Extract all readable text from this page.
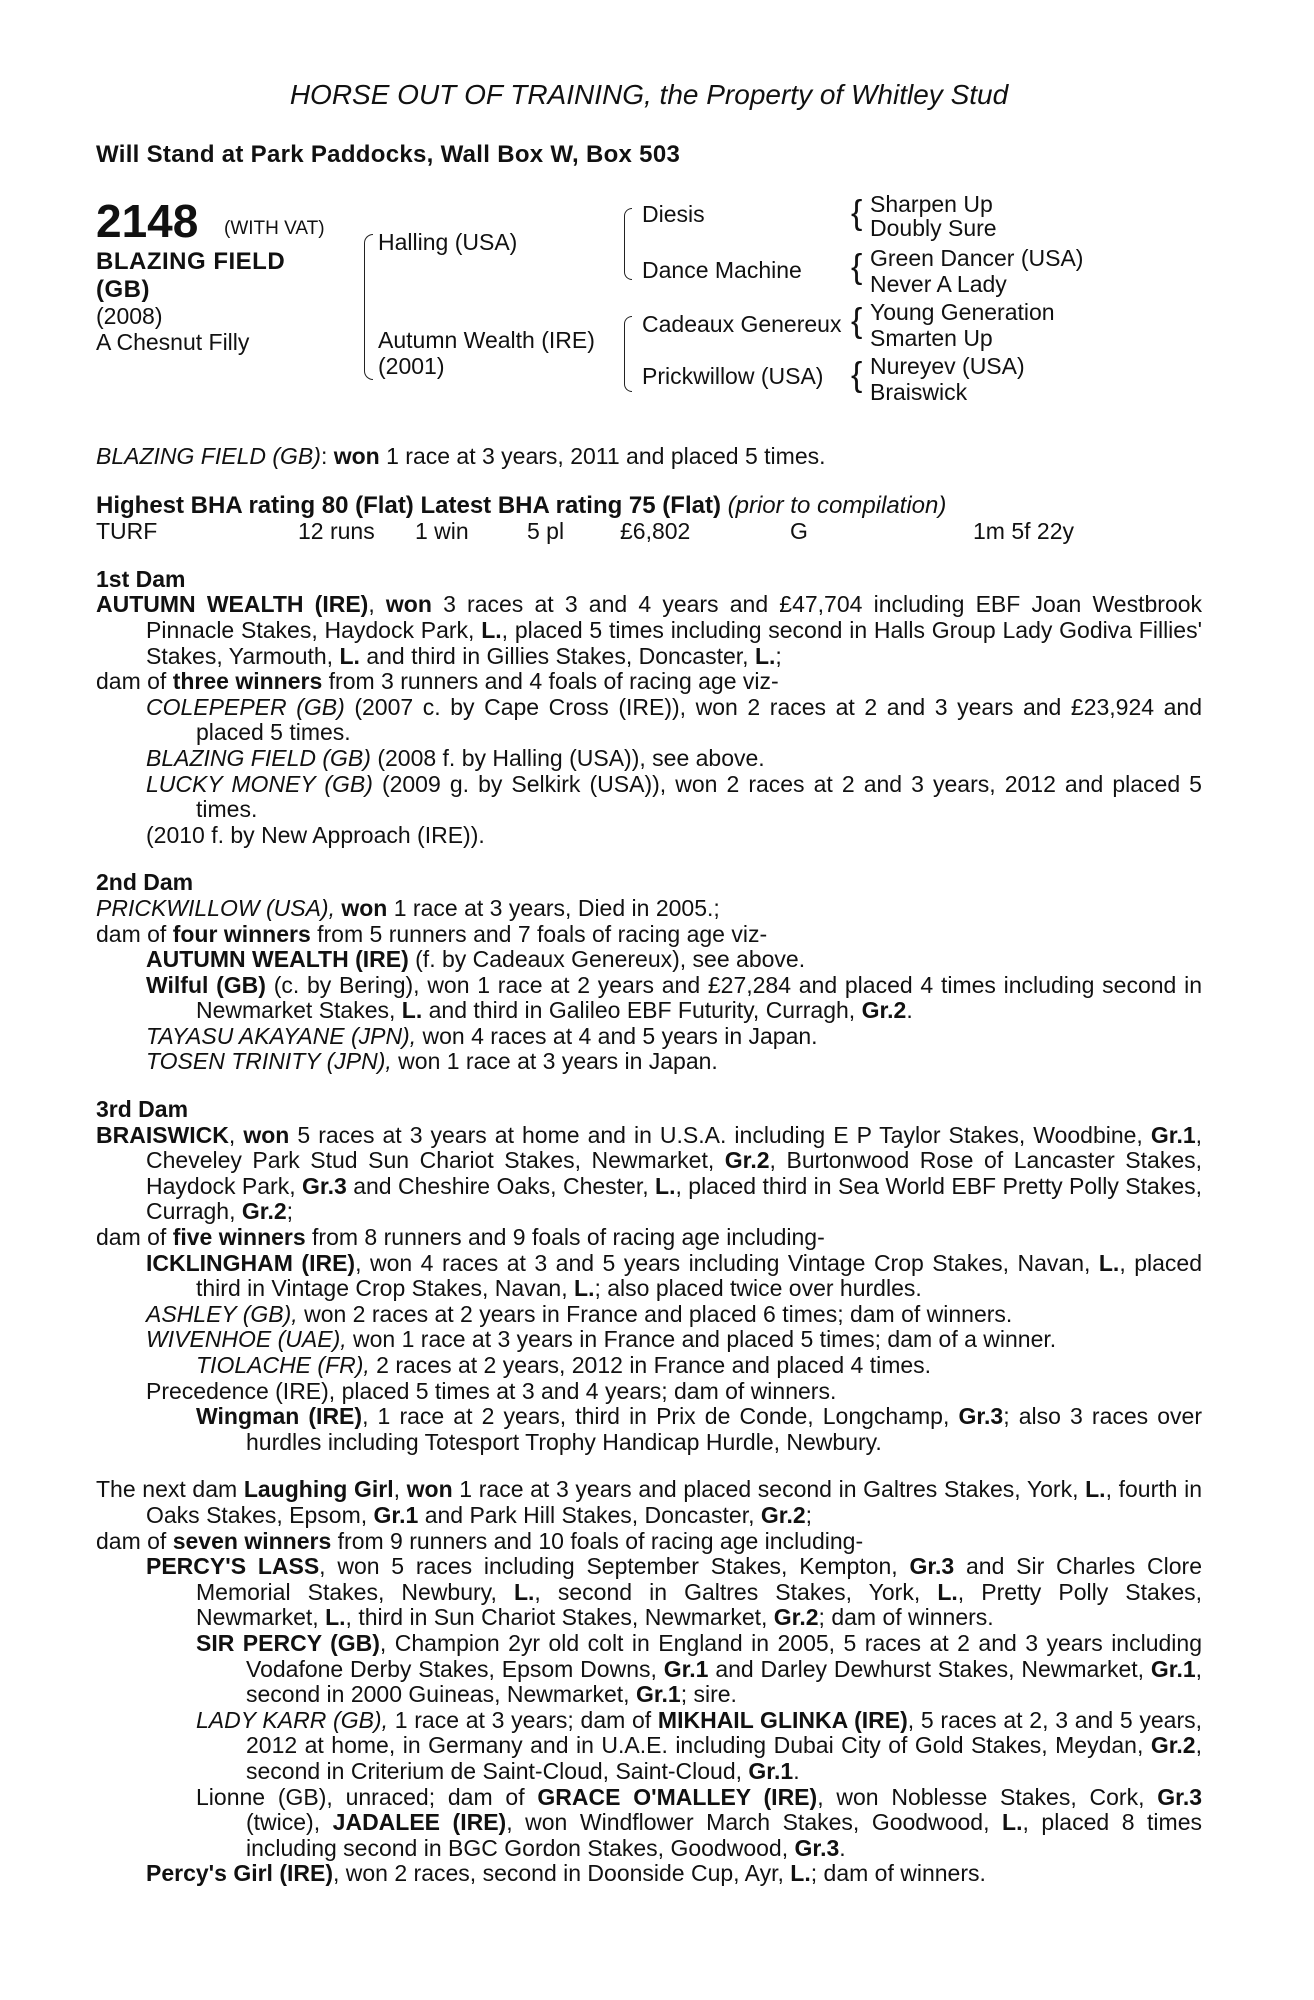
HORSE OUT OF TRAINING, the Property of Whitley Stud
Will Stand at Park Paddocks, Wall Box W, Box 503
2148 (WITH VAT)
BLAZING FIELD (GB)
(2008)
A Chesnut Filly
Halling (USA)
Autumn Wealth (IRE)
(2001)
Diesis
Dance Machine
Cadeaux Genereux
Prickwillow (USA)
{ Sharpen Up
Doubly Sure
{ Green Dancer (USA)
Never A Lady
{ Young Generation
Smarten Up
{ Nureyev (USA)
Braiswick

BLAZING FIELD (GB): won 1 race at 3 years, 2011 and placed 5 times.

Highest BHA rating 80 (Flat) Latest BHA rating 75 (Flat) (prior to compilation)

TURF	12 runs 1 win	5 pl £6,802	G	1m 5f 22y
1st Dam

AUTUMN WEALTH (IRE), won 3 races at 3 and 4 years and £47,704 including EBF Joan Westbrook Pinnacle Stakes, Haydock Park, L., placed 5 times including second in Halls Group Lady Godiva Fillies' Stakes, Yarmouth, L. and third in Gillies Stakes, Doncaster, L.;

dam of three winners from 3 runners and 4 foals of racing age viz-

COLEPEPER (GB) (2007 c. by Cape Cross (IRE)), won 2 races at 2 and 3 years and £23,924 and placed 5 times.

BLAZING FIELD (GB) (2008 f. by Halling (USA)), see above.

LUCKY MONEY (GB) (2009 g. by Selkirk (USA)), won 2 races at 2 and 3 years, 2012 and placed 5 times.

(2010 f. by New Approach (IRE)).

2nd Dam

PRICKWILLOW (USA), won 1 race at 3 years, Died in 2005.;

dam of four winners from 5 runners and 7 foals of racing age viz-

AUTUMN WEALTH (IRE) (f. by Cadeaux Genereux), see above.

Wilful (GB) (c. by Bering), won 1 race at 2 years and £27,284 and placed 4 times including second in Newmarket Stakes, L. and third in Galileo EBF Futurity, Curragh, Gr.2.

TAYASU AKAYANE (JPN), won 4 races at 4 and 5 years in Japan.

TOSEN TRINITY (JPN), won 1 race at 3 years in Japan.

3rd Dam

BRAISWICK, won 5 races at 3 years at home and in U.S.A. including E P Taylor Stakes, Woodbine, Gr.1, Cheveley Park Stud Sun Chariot Stakes, Newmarket, Gr.2, Burtonwood Rose of Lancaster Stakes, Haydock Park, Gr.3 and Cheshire Oaks, Chester, L., placed third in Sea World EBF Pretty Polly Stakes, Curragh, Gr.2;

dam of five winners from 8 runners and 9 foals of racing age including-

ICKLINGHAM (IRE), won 4 races at 3 and 5 years including Vintage Crop Stakes, Navan, L., placed third in Vintage Crop Stakes, Navan, L.; also placed twice over hurdles.

ASHLEY (GB), won 2 races at 2 years in France and placed 6 times; dam of winners.

WIVENHOE (UAE), won 1 race at 3 years in France and placed 5 times; dam of a winner.

TIOLACHE (FR), 2 races at 2 years, 2012 in France and placed 4 times.

Precedence (IRE), placed 5 times at 3 and 4 years; dam of winners.

Wingman (IRE), 1 race at 2 years, third in Prix de Conde, Longchamp, Gr.3; also 3 races over hurdles including Totesport Trophy Handicap Hurdle, Newbury.

The next dam Laughing Girl, won 1 race at 3 years and placed second in Galtres Stakes, York, L., fourth in Oaks Stakes, Epsom, Gr.1 and Park Hill Stakes, Doncaster, Gr.2;

dam of seven winners from 9 runners and 10 foals of racing age including-

PERCY'S LASS, won 5 races including September Stakes, Kempton, Gr.3 and Sir Charles Clore Memorial Stakes, Newbury, L., second in Galtres Stakes, York, L., Pretty Polly Stakes, Newmarket, L., third in Sun Chariot Stakes, Newmarket, Gr.2; dam of winners.

SIR PERCY (GB), Champion 2yr old colt in England in 2005, 5 races at 2 and 3 years including Vodafone Derby Stakes, Epsom Downs, Gr.1 and Darley Dewhurst Stakes, Newmarket, Gr.1, second in 2000 Guineas, Newmarket, Gr.1; sire.

LADY KARR (GB), 1 race at 3 years; dam of MIKHAIL GLINKA (IRE), 5 races at 2, 3 and 5 years, 2012 at home, in Germany and in U.A.E. including Dubai City of Gold Stakes, Meydan, Gr.2, second in Criterium de Saint-Cloud, Saint-Cloud, Gr.1.

Lionne (GB), unraced; dam of GRACE O'MALLEY (IRE), won Noblesse Stakes, Cork, Gr.3 (twice), JADALEE (IRE), won Windflower March Stakes, Goodwood, L., placed 8 times including second in BGC Gordon Stakes, Goodwood, Gr.3.

Percy's Girl (IRE), won 2 races, second in Doonside Cup, Ayr, L.; dam of winners.
